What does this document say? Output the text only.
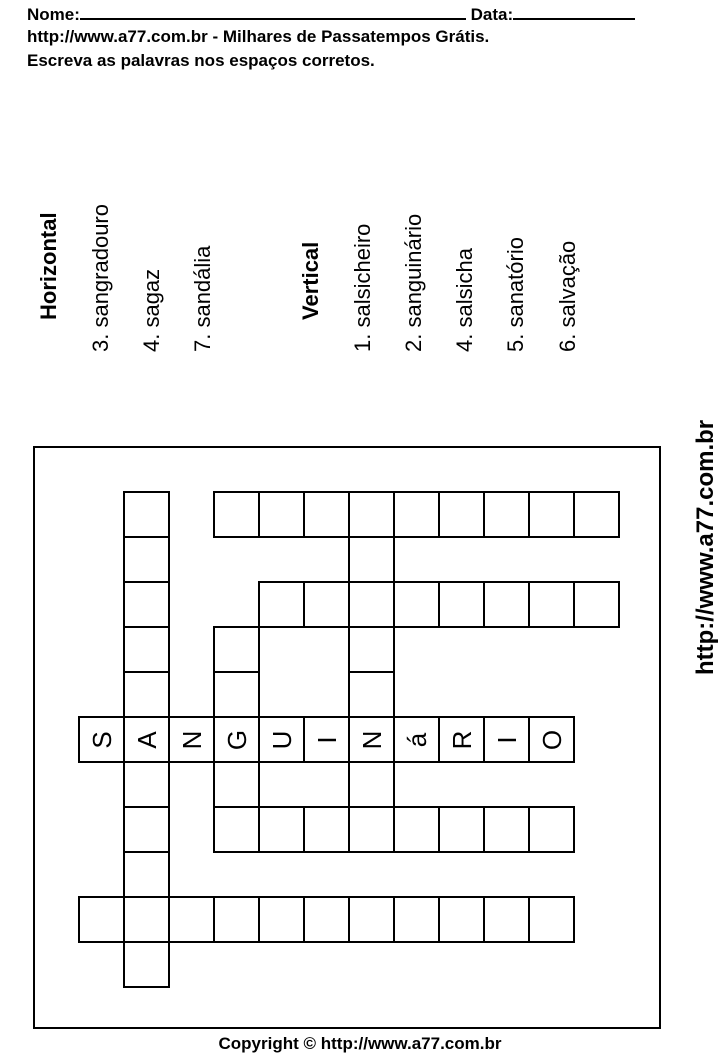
Nome:	Data:
http://www.a77.com.br - Milhares de Passatempos Grátis.
Escreva as palavras nos espaços corretos.
Horizontal 3. sangradouro 4. sagaz 7. sandália	Vertical 1. salsicheiro 2. sanguinário 4. salsicha 5. sanatório 6. salvação
http://www.a77.com.br
A G	N
S N U I á R I O
Copyright © http://www.a77.com.br
